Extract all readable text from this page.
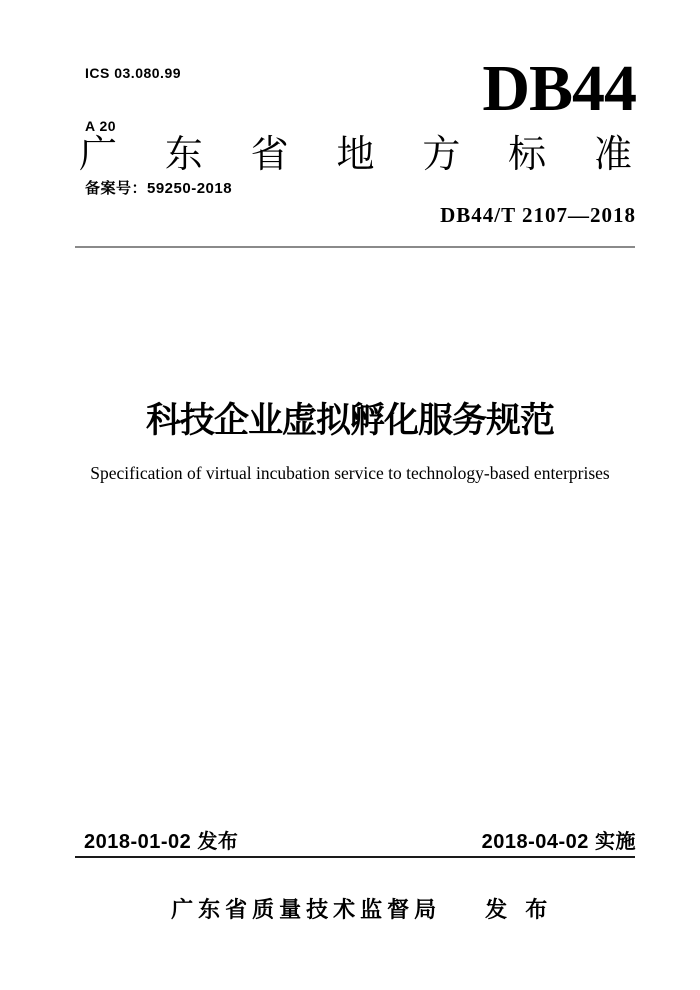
ICS 03.080.99

A 20

备案号：59250-2018

DB44
广 东 省 地 方 标 准
DB44/T 2107—2018
科技企业虚拟孵化服务规范
Specification of virtual incubation service to technology-based enterprises
2018-01-02 发布	2018-04-02 实施

广东省质量技术监督局 发 布
